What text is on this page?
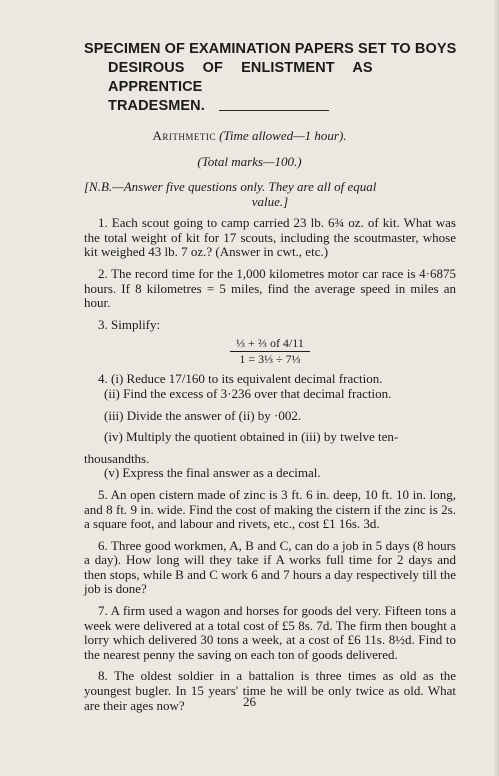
SPECIMEN OF EXAMINATION PAPERS SET TO BOYS
DESIROUS OF ENLISTMENT AS APPRENTICE
TRADESMEN.
Arithmetic (Time allowed—1 hour).
(Total marks—100.)

[N.B.—Answer five questions only. They are all of equal
value.]

1. Each scout going to camp carried 23 lb. 6¾ oz. of kit. What was the total weight of kit for 17 scouts, including the scoutmaster, whose kit weighed 43 lb. 7 oz.? (Answer in cwt., etc.)

2. The record time for the 1,000 kilometres motor car race is 4·6875 hours. If 8 kilometres = 5 miles, find the average speed in miles an hour.

3. Simplify:

⅓ + ⅔ of 4/11
1 = 3⅓ ÷ 7⅓

4. (i) Reduce 17/160 to its equivalent decimal fraction.

(ii) Find the excess of 3·236 over that decimal fraction.

(iii) Divide the answer of (ii) by ·002.

(iv) Multiply the quotient obtained in (iii) by twelve ten-

thousandths.

(v) Express the final answer as a decimal.

5. An open cistern made of zinc is 3 ft. 6 in. deep, 10 ft. 10 in. long, and 8 ft. 9 in. wide. Find the cost of making the cistern if the zinc is 2s. a square foot, and labour and rivets, etc., cost £1 16s. 3d.

6. Three good workmen, A, B and C, can do a job in 5 days (8 hours a day). How long will they take if A works full time for 2 days and then stops, while B and C work 6 and 7 hours a day respectively till the job is done?

7. A firm used a wagon and horses for goods del very. Fifteen tons a week were delivered at a total cost of £5 8s. 7d. The firm then bought a lorry which delivered 30 tons a week, at a cost of £6 11s. 8½d. Find to the nearest penny the saving on each ton of goods delivered.

8. The oldest soldier in a battalion is three times as old as the youngest bugler. In 15 years' time he will be only twice as old. What are their ages now?	26
